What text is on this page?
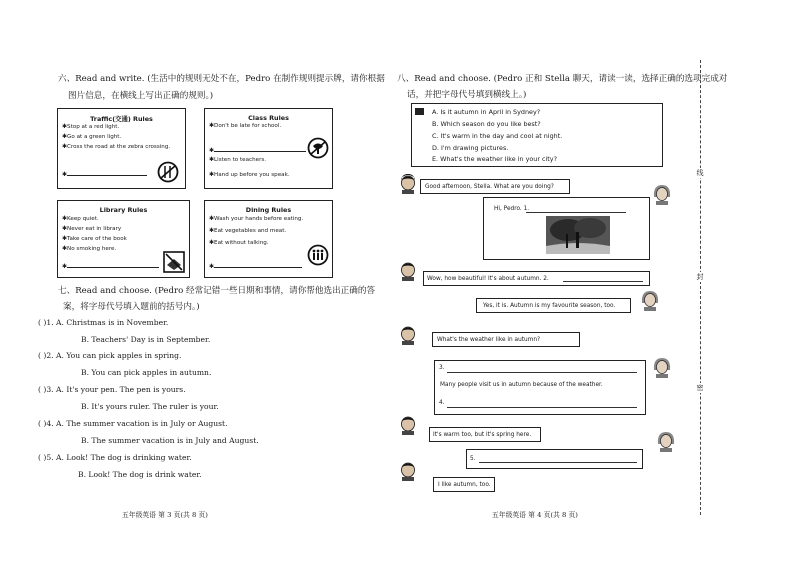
六、Read and write. (生活中的规则无处不在，Pedro 在制作规则提示牌，请你根据
图片信息，在横线上写出正确的规则。)
Traffic(交通) Rules
✱Stop at a red light.
✱Go at a green light.
✱Cross the road at the zebra crossing.
✱
Class Rules
✱Don't be late for school.
✱
✱Listen to teachers.
✱Hand up before you speak.
Library Rules
✱Keep quiet.
✱Never eat in library
✱Take care of the book
✱No smoking here.
✱
Dining Rules
✱Wash your hands before eating.
✱Eat vegetables and meat.
✱Eat without talking.
✱
七、Read and choose. (Pedro 经常记错一些日期和事情，请你帮他选出正确的答
案，将字母代号填入题前的括号内。)
( )1. A. Christmas is in November.
B. Teachers' Day is in September.
( )2. A. You can pick apples in spring.
B. You can pick apples in autumn.
( )3. A. It's your pen. The pen is yours.
B. It's yours ruler. The ruler is your.
( )4. A. The summer vacation is in July or August.
B. The summer vacation is in July and August.
( )5. A. Look! The dog is drinking water.
B. Look! The dog is drink water.
五年级英语 第 3 页(共 8 页)
八、Read and choose. (Pedro 正和 Stella 聊天，请读一读，选择正确的选项完成对
话，并把字母代号填到横线上。)
A. Is it autumn in April in Sydney?
B. Which season do you like best?
C. It's warm in the day and cool at night.
D. I'm drawing pictures.
E. What's the weather like in your city?
Good afternoon, Stella. What are you doing?
Hi, Pedro. 1.
Wow, how beautiful! It's about autumn. 2.
Yes, it is. Autumn is my favourite season, too.
What's the weather like in autumn?
3.
Many people visit us in autumn because of the weather.
4.
It's warm too, but it's spring here.
5.
I like autumn, too.
五年级英语 第 4 页(共 8 页)
线
封
密
